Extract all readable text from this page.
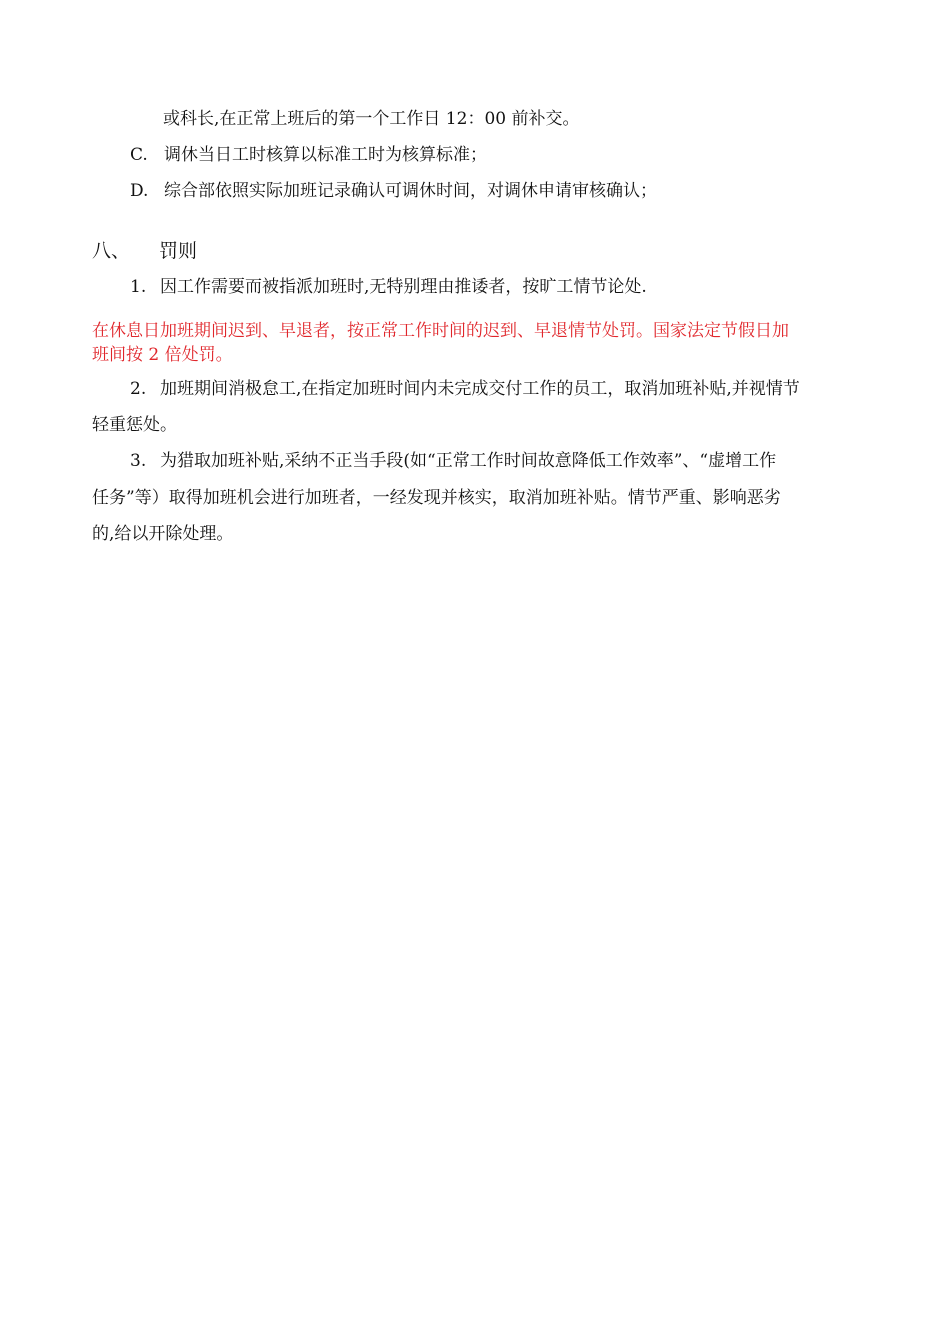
或科长,在正常上班后的第一个工作日 12：00 前补交。
C. 调休当日工时核算以标准工时为核算标准；
D. 综合部依照实际加班记录确认可调休时间，对调休申请审核确认；
八、 罚则
1. 因工作需要而被指派加班时,无特别理由推诿者，按旷工情节论处.
在休息日加班期间迟到、早退者，按正常工作时间的迟到、早退情节处罚。国家法定节假日加
班间按 2 倍处罚。
2. 加班期间消极怠工,在指定加班时间内未完成交付工作的员工，取消加班补贴,并视情节
轻重惩处。
3. 为猎取加班补贴,采纳不正当手段(如“正常工作时间故意降低工作效率”、“虚增工作
任务”等）取得加班机会进行加班者，一经发现并核实，取消加班补贴。情节严重、影响恶劣
的,给以开除处理。
